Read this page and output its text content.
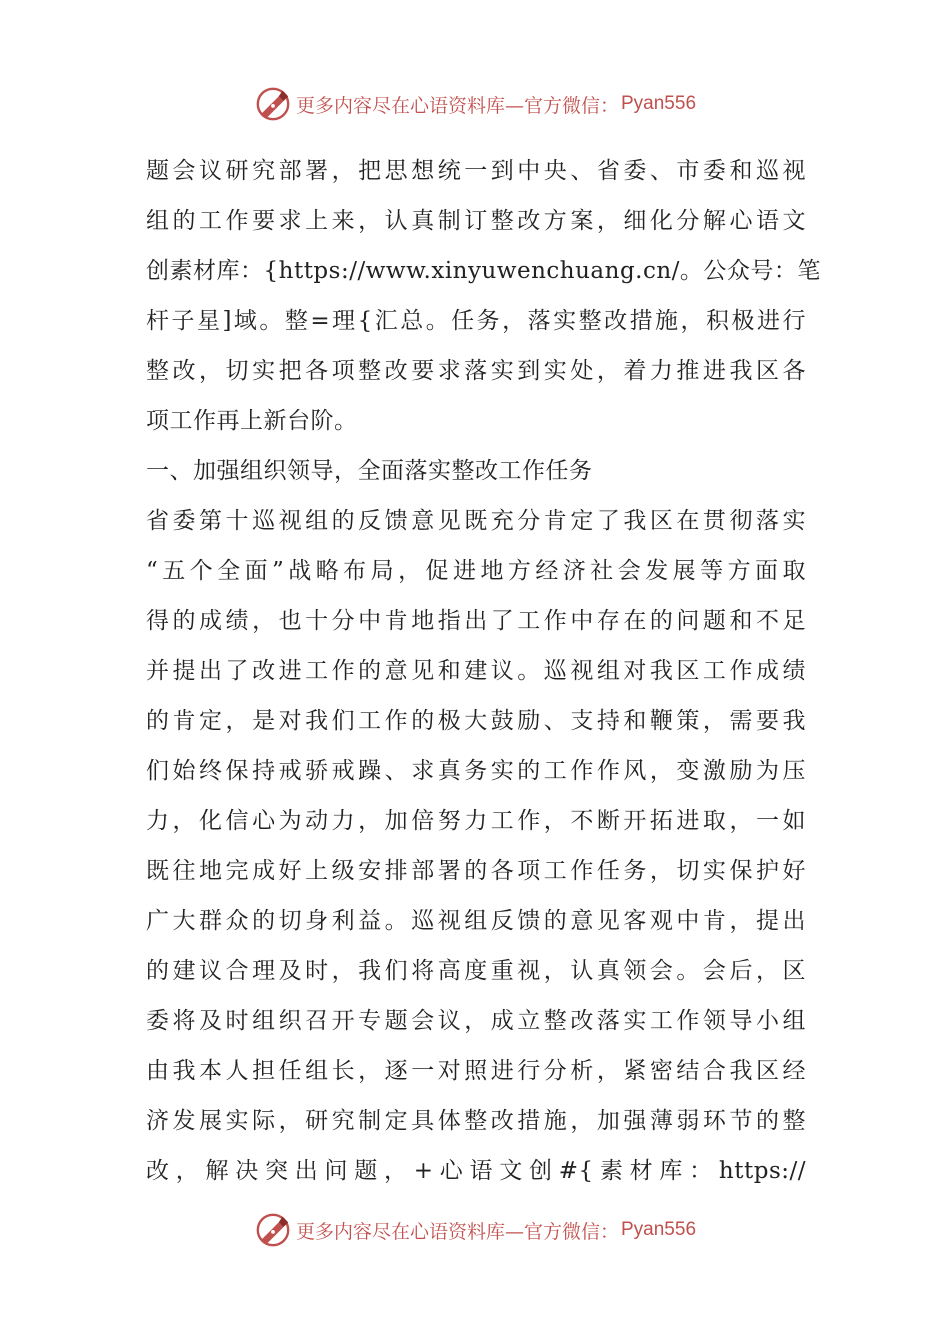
更多内容尽在心语资料库—官方微信： Pyan556
题会议研究部署，把思想统一到中央、省委、市委和巡视
组的工作要求上来，认真制订整改方案，细化分解心语文
创素材库：{https://www.xinyuwenchuang.cn/。公众号：笔
杆子星]域。整=理{汇总。任务，落实整改措施，积极进行
整改，切实把各项整改要求落实到实处，着力推进我区各
项工作再上新台阶。
一、加强组织领导，全面落实整改工作任务
省委第十巡视组的反馈意见既充分肯定了我区在贯彻落实
“五个全面”战略布局，促进地方经济社会发展等方面取
得的成绩，也十分中肯地指出了工作中存在的问题和不足
并提出了改进工作的意见和建议。巡视组对我区工作成绩
的肯定，是对我们工作的极大鼓励、支持和鞭策，需要我
们始终保持戒骄戒躁、求真务实的工作作风，变激励为压
力，化信心为动力，加倍努力工作，不断开拓进取，一如
既往地完成好上级安排部署的各项工作任务，切实保护好
广大群众的切身利益。巡视组反馈的意见客观中肯，提出
的建议合理及时，我们将高度重视，认真领会。会后，区
委将及时组织召开专题会议，成立整改落实工作领导小组
由我本人担任组长，逐一对照进行分析，紧密结合我区经
济发展实际，研究制定具体整改措施，加强薄弱环节的整
改，解决突出问题，+心语文创#{素材库：https://
更多内容尽在心语资料库—官方微信： Pyan556
